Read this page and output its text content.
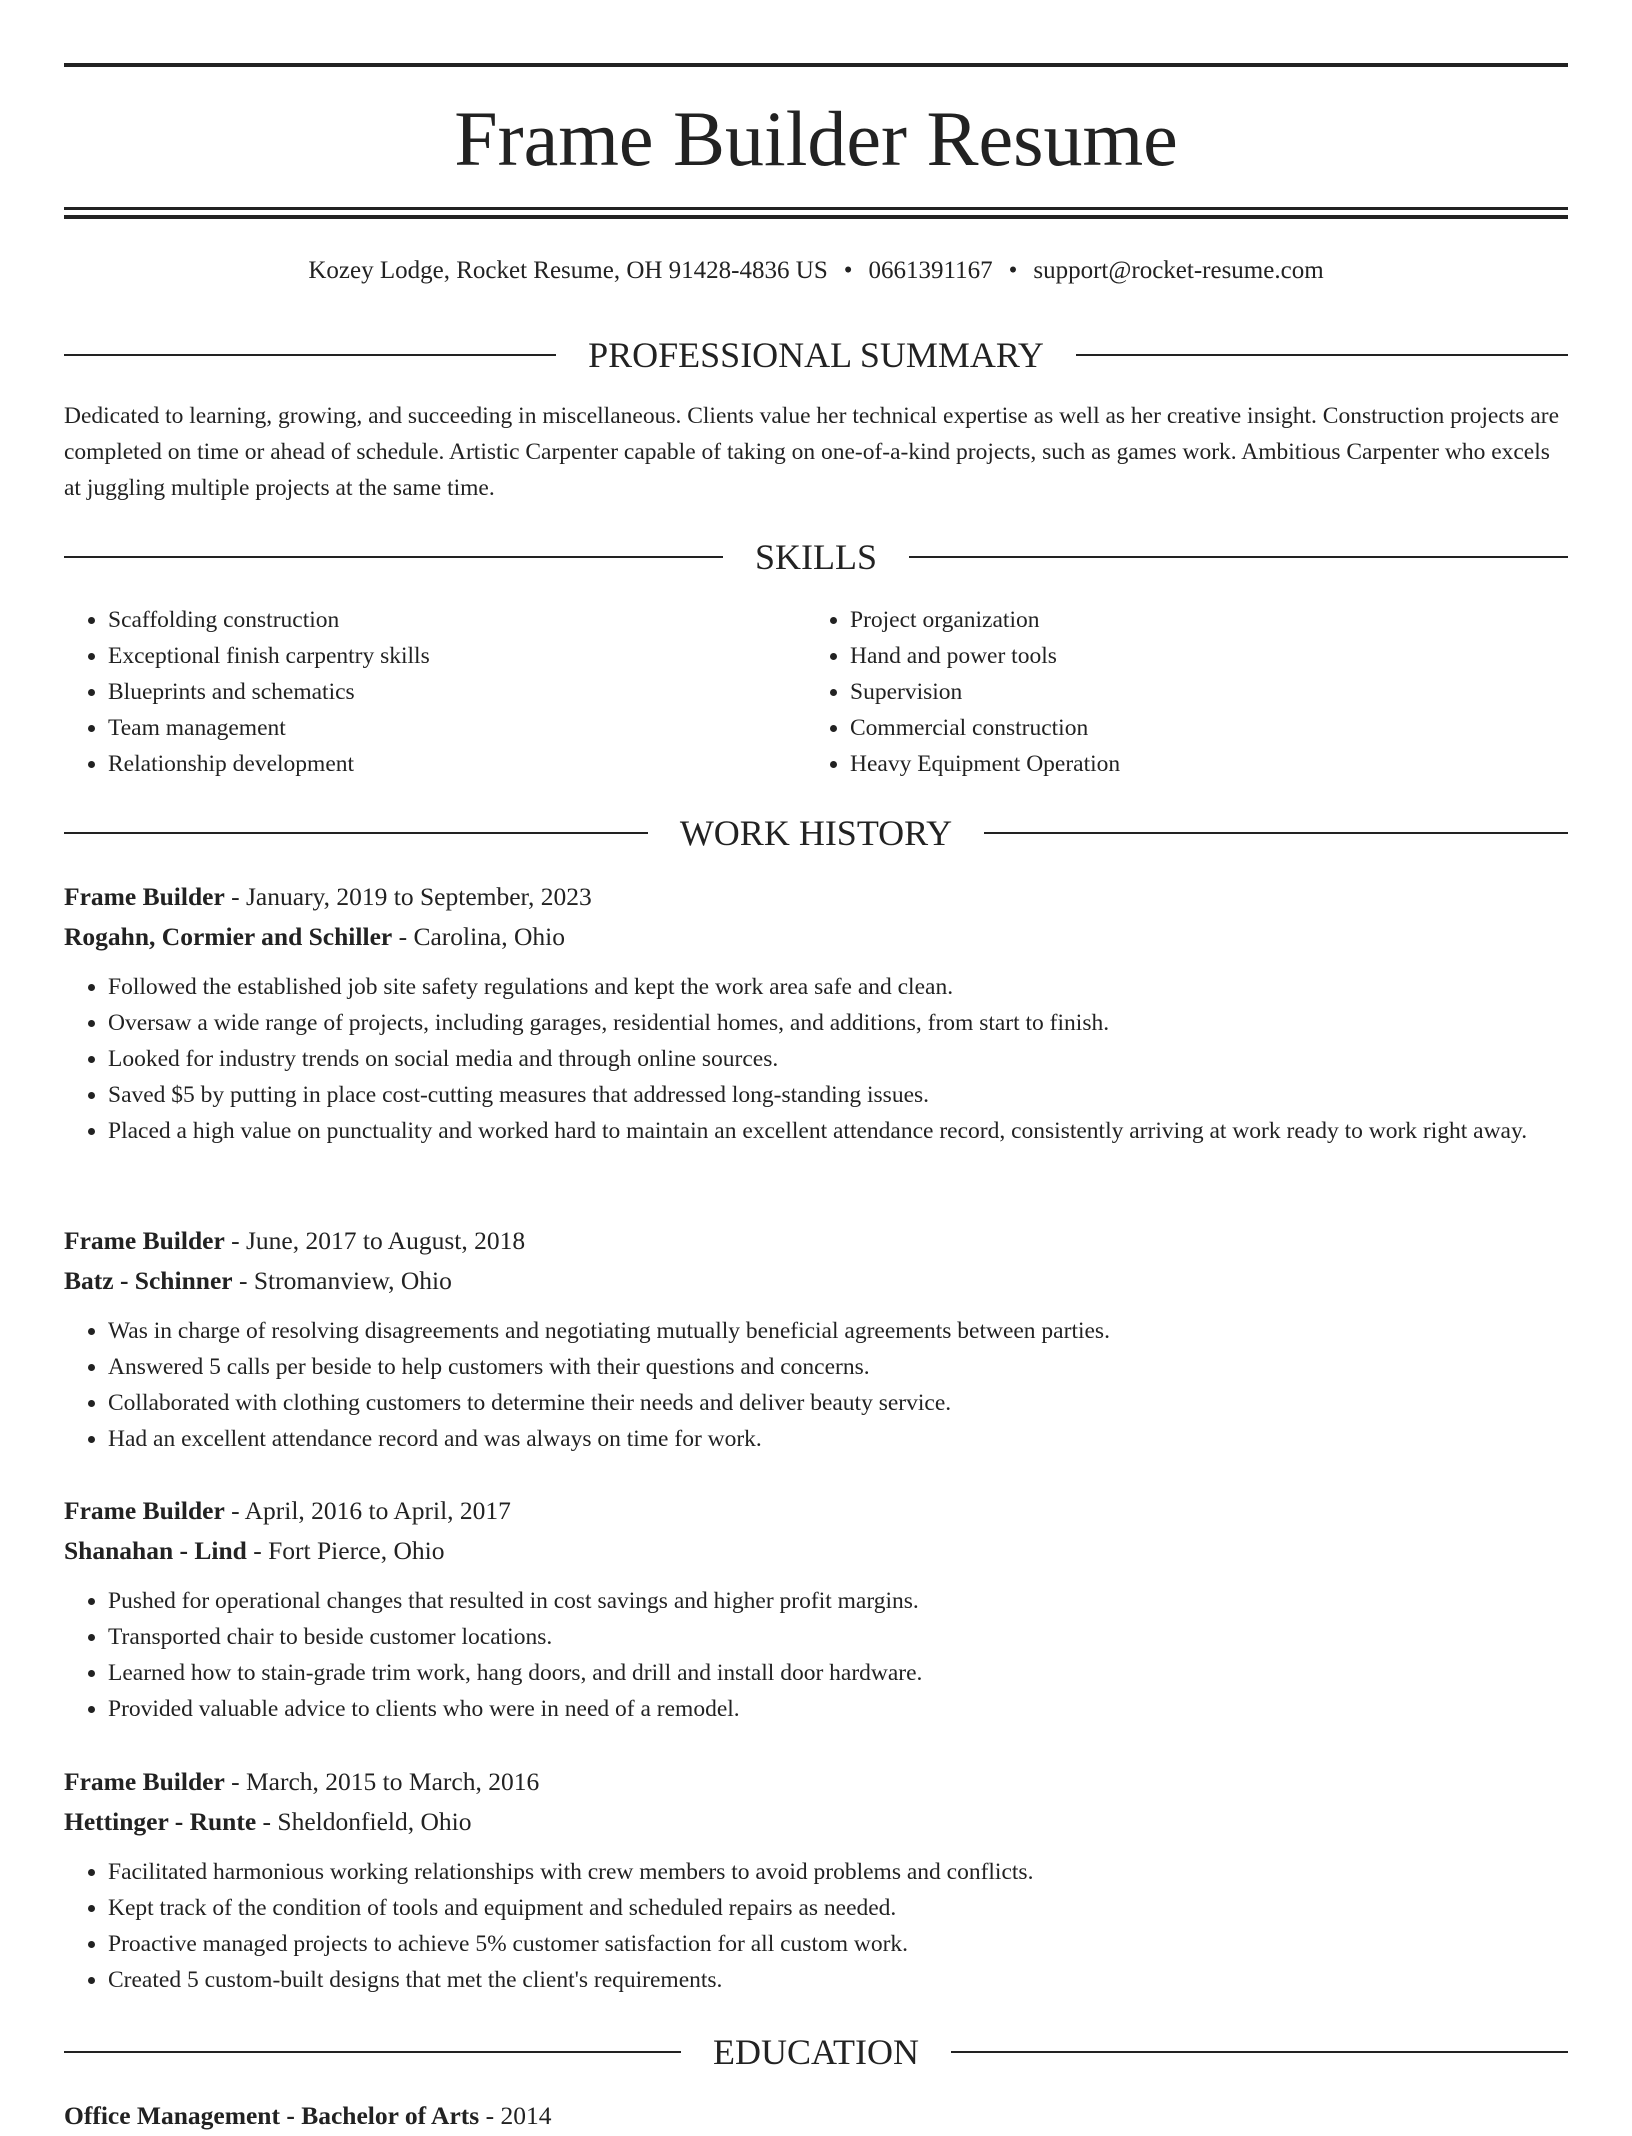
Frame Builder Resume
Kozey Lodge, Rocket Resume, OH 91428-4836 US • 0661391167 • support@rocket-resume.com
PROFESSIONAL SUMMARY

Dedicated to learning, growing, and succeeding in miscellaneous. Clients value her technical expertise as well as her creative insight. Construction projects are completed on time or ahead of schedule. Artistic Carpenter capable of taking on one-of-a-kind projects, such as games work. Ambitious Carpenter who excels at juggling multiple projects at the same time.

SKILLS
• Scaffolding construction
• Exceptional finish carpentry skills
• Blueprints and schematics
• Team management
• Relationship development
• Project organization
• Hand and power tools
• Supervision
• Commercial construction
• Heavy Equipment Operation
WORK HISTORY
Frame Builder - January, 2019 to September, 2023
Rogahn, Cormier and Schiller - Carolina, Ohio
• Followed the established job site safety regulations and kept the work area safe and clean.
• Oversaw a wide range of projects, including garages, residential homes, and additions, from start to finish.
• Looked for industry trends on social media and through online sources.
• Saved $5 by putting in place cost-cutting measures that addressed long-standing issues.
• Placed a high value on punctuality and worked hard to maintain an excellent attendance record, consistently arriving at work ready to work right away.
Frame Builder - June, 2017 to August, 2018
Batz - Schinner - Stromanview, Ohio
• Was in charge of resolving disagreements and negotiating mutually beneficial agreements between parties.
• Answered 5 calls per beside to help customers with their questions and concerns.
• Collaborated with clothing customers to determine their needs and deliver beauty service.
• Had an excellent attendance record and was always on time for work.
Frame Builder - April, 2016 to April, 2017
Shanahan - Lind - Fort Pierce, Ohio
• Pushed for operational changes that resulted in cost savings and higher profit margins.
• Transported chair to beside customer locations.
• Learned how to stain-grade trim work, hang doors, and drill and install door hardware.
• Provided valuable advice to clients who were in need of a remodel.
Frame Builder - March, 2015 to March, 2016
Hettinger - Runte - Sheldonfield, Ohio
• Facilitated harmonious working relationships with crew members to avoid problems and conflicts.
• Kept track of the condition of tools and equipment and scheduled repairs as needed.
• Proactive managed projects to achieve 5% customer satisfaction for all custom work.
• Created 5 custom-built designs that met the client's requirements.
EDUCATION
Office Management - Bachelor of Arts - 2014
